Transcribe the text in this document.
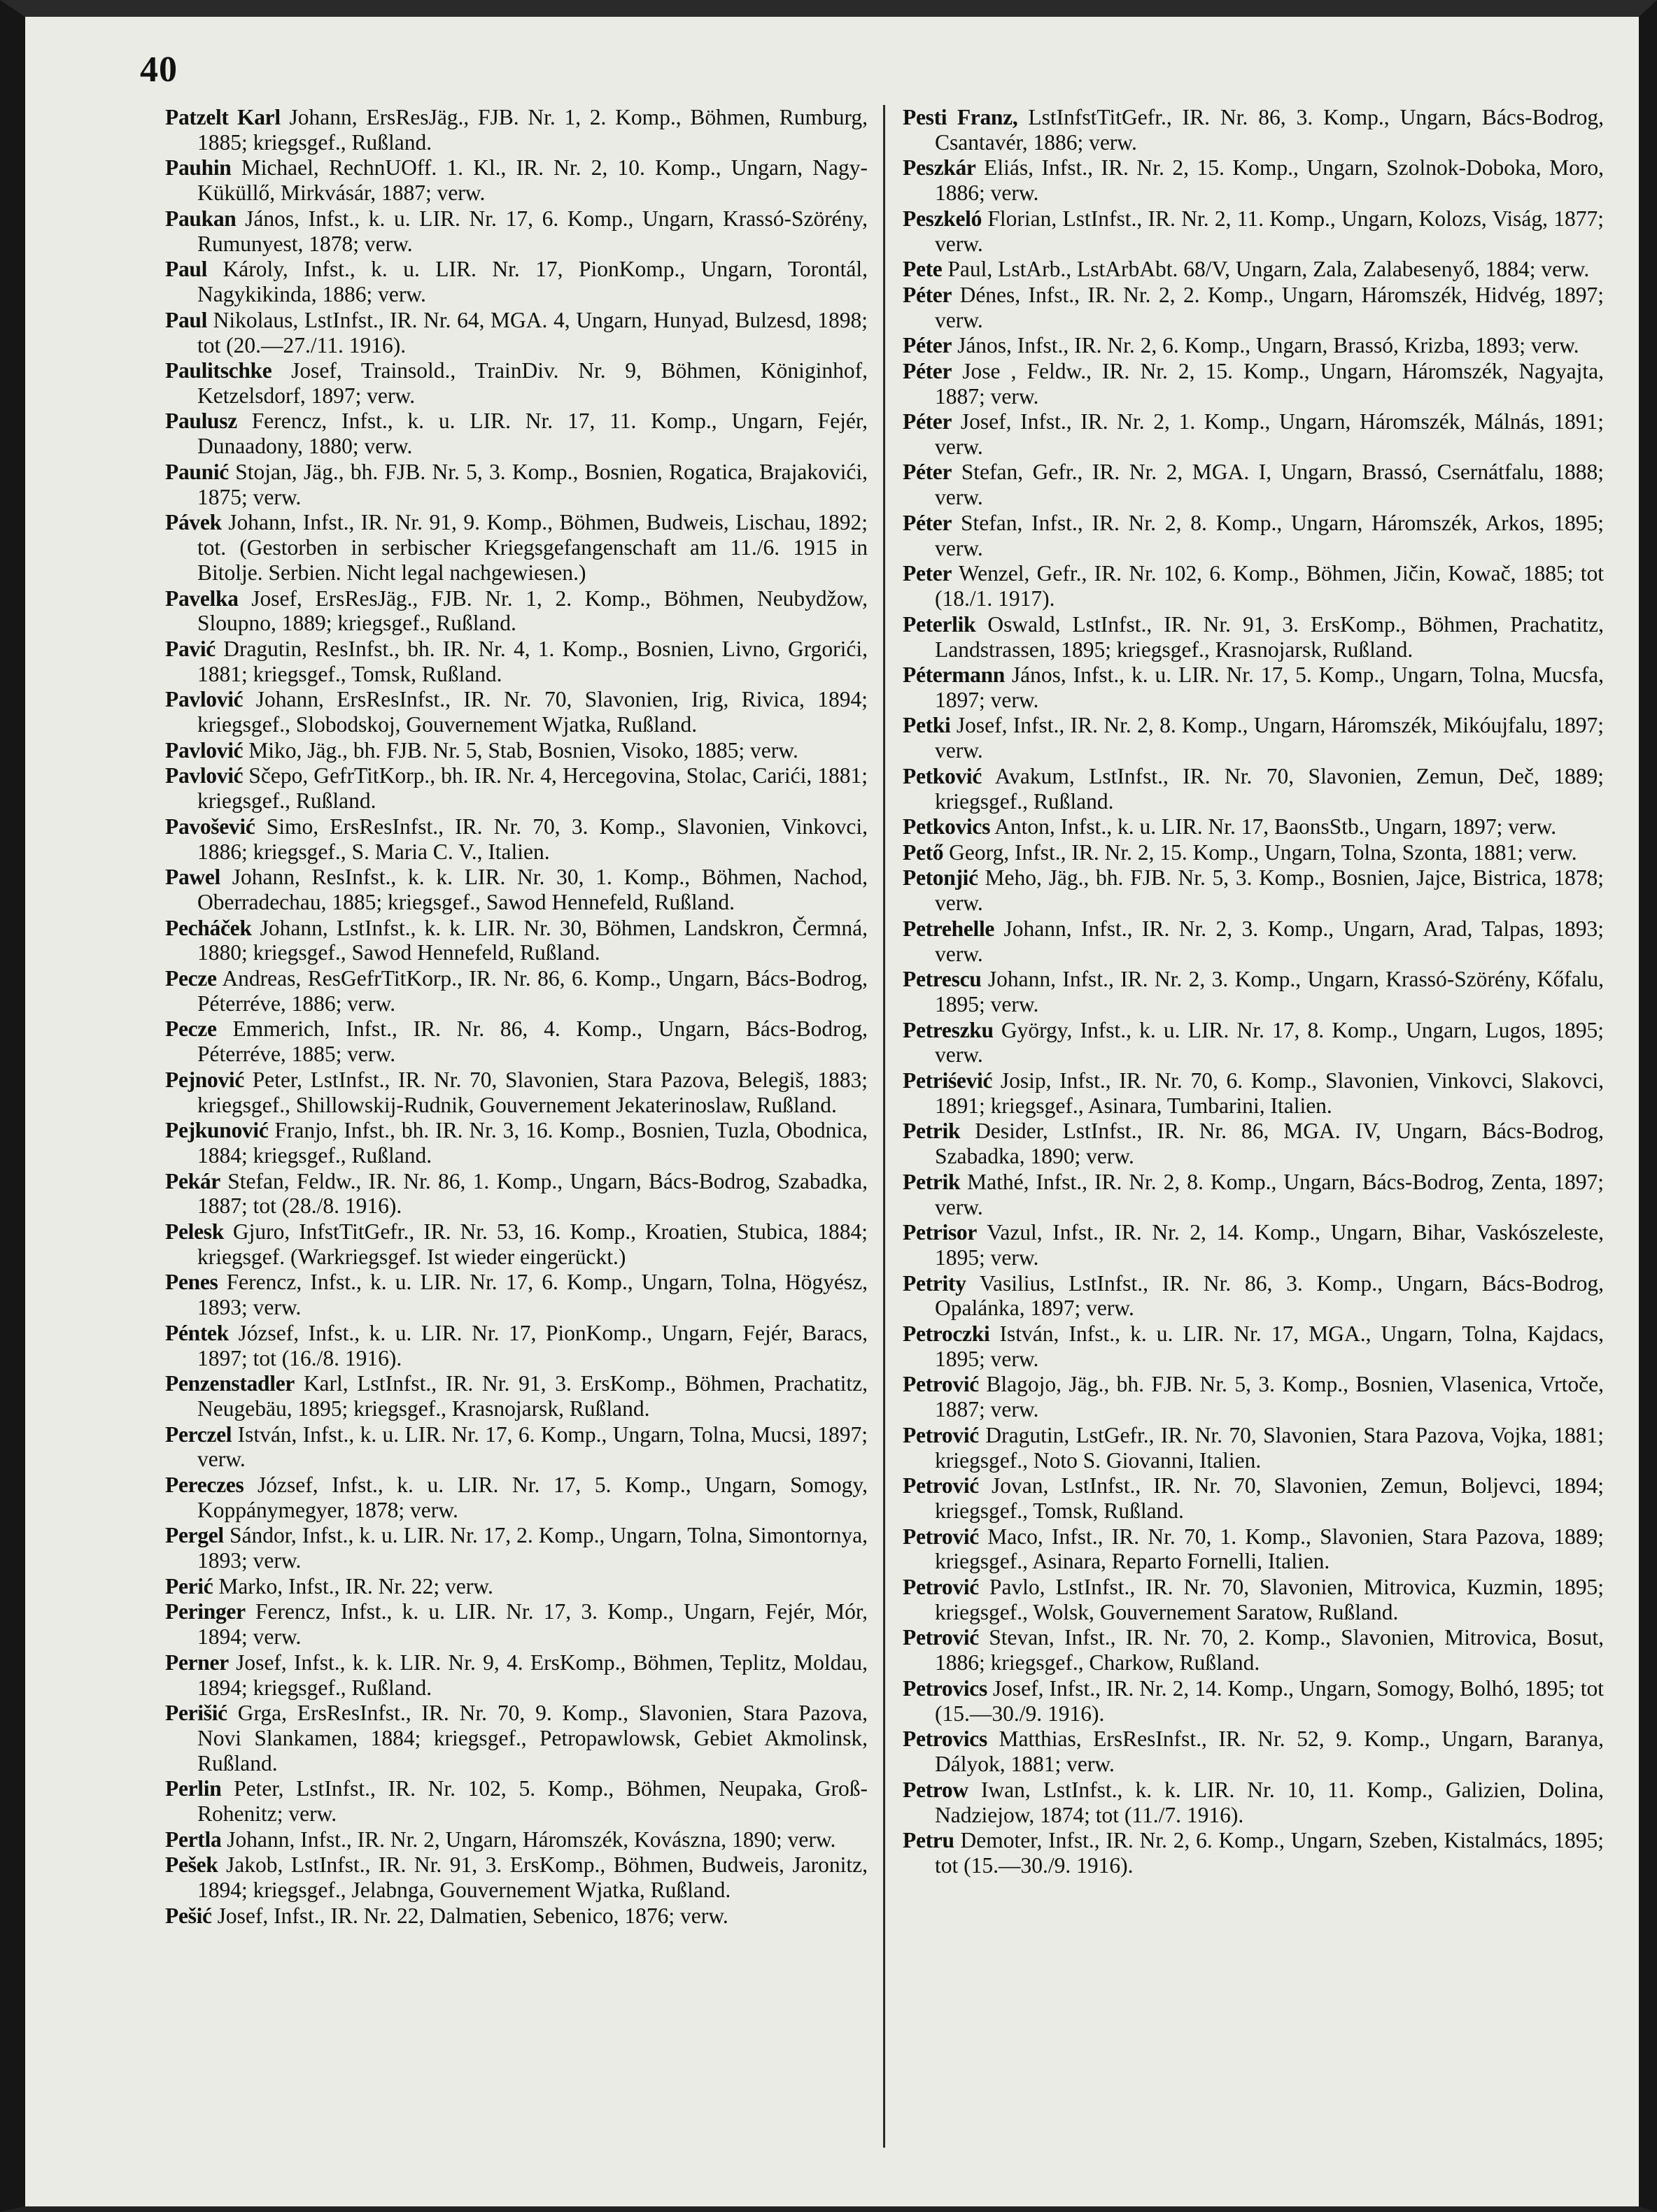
40

Patzelt Karl Johann, ErsResJäg., FJB. Nr. 1, 2. Komp., Böhmen, Rumburg, 1885; kriegsgef., Rußland.

Pauhin Michael, RechnUOff. 1. Kl., IR. Nr. 2, 10. Komp., Ungarn, Nagy-Küküllő, Mirkvásár, 1887; verw.

Paukan János, Infst., k. u. LIR. Nr. 17, 6. Komp., Ungarn, Krassó-Szörény, Rumunyest, 1878; verw.

Paul Károly, Infst., k. u. LIR. Nr. 17, PionKomp., Ungarn, Torontál, Nagykikinda, 1886; verw.

Paul Nikolaus, LstInfst., IR. Nr. 64, MGA. 4, Ungarn, Hunyad, Bulzesd, 1898; tot (20.—27./11. 1916).

Paulitschke Josef, Trainsold., TrainDiv. Nr. 9, Böhmen, Königinhof, Ketzelsdorf, 1897; verw.

Paulusz Ferencz, Infst., k. u. LIR. Nr. 17, 11. Komp., Ungarn, Fejér, Dunaadony, 1880; verw.

Paunić Stojan, Jäg., bh. FJB. Nr. 5, 3. Komp., Bosnien, Rogatica, Brajakovići, 1875; verw.

Pávek Johann, Infst., IR. Nr. 91, 9. Komp., Böhmen, Budweis, Lischau, 1892; tot. (Gestorben in serbischer Kriegsgefangenschaft am 11./6. 1915 in Bitolje. Serbien. Nicht legal nachgewiesen.)

Pavelka Josef, ErsResJäg., FJB. Nr. 1, 2. Komp., Böhmen, Neubydžow, Sloupno, 1889; kriegsgef., Rußland.

Pavić Dragutin, ResInfst., bh. IR. Nr. 4, 1. Komp., Bosnien, Livno, Grgorići, 1881; kriegsgef., Tomsk, Rußland.

Pavlović Johann, ErsResInfst., IR. Nr. 70, Slavonien, Irig, Rivica, 1894; kriegsgef., Slobodskoj, Gouvernement Wjatka, Rußland.

Pavlović Miko, Jäg., bh. FJB. Nr. 5, Stab, Bosnien, Visoko, 1885; verw.

Pavlović Sčepo, GefrTitKorp., bh. IR. Nr. 4, Hercegovina, Stolac, Carići, 1881; kriegsgef., Rußland.

Pavošević Simo, ErsResInfst., IR. Nr. 70, 3. Komp., Slavonien, Vinkovci, 1886; kriegsgef., S. Maria C. V., Italien.

Pawel Johann, ResInfst., k. k. LIR. Nr. 30, 1. Komp., Böhmen, Nachod, Oberradechau, 1885; kriegsgef., Sawod Hennefeld, Rußland.

Pecháček Johann, LstInfst., k. k. LIR. Nr. 30, Böhmen, Landskron, Čermná, 1880; kriegsgef., Sawod Hennefeld, Rußland.

Pecze Andreas, ResGefrTitKorp., IR. Nr. 86, 6. Komp., Ungarn, Bács-Bodrog, Péterréve, 1886; verw.

Pecze Emmerich, Infst., IR. Nr. 86, 4. Komp., Ungarn, Bács-Bodrog, Péterréve, 1885; verw.

Pejnović Peter, LstInfst., IR. Nr. 70, Slavonien, Stara Pazova, Belegiš, 1883; kriegsgef., Shillowskij-Rudnik, Gouvernement Jekaterinoslaw, Rußland.

Pejkunović Franjo, Infst., bh. IR. Nr. 3, 16. Komp., Bosnien, Tuzla, Obodnica, 1884; kriegsgef., Rußland.

Pekár Stefan, Feldw., IR. Nr. 86, 1. Komp., Ungarn, Bács-Bodrog, Szabadka, 1887; tot (28./8. 1916).

Pelesk Gjuro, InfstTitGefr., IR. Nr. 53, 16. Komp., Kroatien, Stubica, 1884; kriegsgef. (Warkriegsgef. Ist wieder eingerückt.)

Penes Ferencz, Infst., k. u. LIR. Nr. 17, 6. Komp., Ungarn, Tolna, Högyész, 1893; verw.

Péntek József, Infst., k. u. LIR. Nr. 17, PionKomp., Ungarn, Fejér, Baracs, 1897; tot (16./8. 1916).

Penzenstadler Karl, LstInfst., IR. Nr. 91, 3. ErsKomp., Böhmen, Prachatitz, Neugebäu, 1895; kriegsgef., Krasnojarsk, Rußland.

Perczel István, Infst., k. u. LIR. Nr. 17, 6. Komp., Ungarn, Tolna, Mucsi, 1897; verw.

Pereczes József, Infst., k. u. LIR. Nr. 17, 5. Komp., Ungarn, Somogy, Koppánymegyer, 1878; verw.

Pergel Sándor, Infst., k. u. LIR. Nr. 17, 2. Komp., Ungarn, Tolna, Simontornya, 1893; verw.

Perić Marko, Infst., IR. Nr. 22; verw.

Peringer Ferencz, Infst., k. u. LIR. Nr. 17, 3. Komp., Ungarn, Fejér, Mór, 1894; verw.

Perner Josef, Infst., k. k. LIR. Nr. 9, 4. ErsKomp., Böhmen, Teplitz, Moldau, 1894; kriegsgef., Rußland.

Perišić Grga, ErsResInfst., IR. Nr. 70, 9. Komp., Slavonien, Stara Pazova, Novi Slankamen, 1884; kriegsgef., Petropawlowsk, Gebiet Akmolinsk, Rußland.

Perlin Peter, LstInfst., IR. Nr. 102, 5. Komp., Böhmen, Neupaka, Groß-Rohenitz; verw.

Pertla Johann, Infst., IR. Nr. 2, Ungarn, Háromszék, Kovászna, 1890; verw.

Pešek Jakob, LstInfst., IR. Nr. 91, 3. ErsKomp., Böhmen, Budweis, Jaronitz, 1894; kriegsgef., Jelabnga, Gouvernement Wjatka, Rußland.

Pešić Josef, Infst., IR. Nr. 22, Dalmatien, Sebenico, 1876; verw.

Pesti Franz, LstInfstTitGefr., IR. Nr. 86, 3. Komp., Ungarn, Bács-Bodrog, Csantavér, 1886; verw.

Peszkár Eliás, Infst., IR. Nr. 2, 15. Komp., Ungarn, Szolnok-Doboka, Moro, 1886; verw.

Peszkeló Florian, LstInfst., IR. Nr. 2, 11. Komp., Ungarn, Kolozs, Viság, 1877; verw.

Pete Paul, LstArb., LstArbAbt. 68/V, Ungarn, Zala, Zalabesenyő, 1884; verw.

Péter Dénes, Infst., IR. Nr. 2, 2. Komp., Ungarn, Háromszék, Hidvég, 1897; verw.

Péter János, Infst., IR. Nr. 2, 6. Komp., Ungarn, Brassó, Krizba, 1893; verw.

Péter Jose , Feldw., IR. Nr. 2, 15. Komp., Ungarn, Háromszék, Nagyajta, 1887; verw.

Péter Josef, Infst., IR. Nr. 2, 1. Komp., Ungarn, Háromszék, Málnás, 1891; verw.

Péter Stefan, Gefr., IR. Nr. 2, MGA. I, Ungarn, Brassó, Csernátfalu, 1888; verw.

Péter Stefan, Infst., IR. Nr. 2, 8. Komp., Ungarn, Háromszék, Arkos, 1895; verw.

Peter Wenzel, Gefr., IR. Nr. 102, 6. Komp., Böhmen, Jičin, Kowač, 1885; tot (18./1. 1917).

Peterlik Oswald, LstInfst., IR. Nr. 91, 3. ErsKomp., Böhmen, Prachatitz, Landstrassen, 1895; kriegsgef., Krasnojarsk, Rußland.

Pétermann János, Infst., k. u. LIR. Nr. 17, 5. Komp., Ungarn, Tolna, Mucsfa, 1897; verw.

Petki Josef, Infst., IR. Nr. 2, 8. Komp., Ungarn, Háromszék, Mikóujfalu, 1897; verw.

Petković Avakum, LstInfst., IR. Nr. 70, Slavonien, Zemun, Deč, 1889; kriegsgef., Rußland.

Petkovics Anton, Infst., k. u. LIR. Nr. 17, BaonsStb., Ungarn, 1897; verw.

Pető Georg, Infst., IR. Nr. 2, 15. Komp., Ungarn, Tolna, Szonta, 1881; verw.

Petonjić Meho, Jäg., bh. FJB. Nr. 5, 3. Komp., Bosnien, Jajce, Bistrica, 1878; verw.

Petrehelle Johann, Infst., IR. Nr. 2, 3. Komp., Ungarn, Arad, Talpas, 1893; verw.

Petrescu Johann, Infst., IR. Nr. 2, 3. Komp., Ungarn, Krassó-Szörény, Kőfalu, 1895; verw.

Petreszku György, Infst., k. u. LIR. Nr. 17, 8. Komp., Ungarn, Lugos, 1895; verw.

Petriśević Josip, Infst., IR. Nr. 70, 6. Komp., Slavonien, Vinkovci, Slakovci, 1891; kriegsgef., Asinara, Tumbarini, Italien.

Petrik Desider, LstInfst., IR. Nr. 86, MGA. IV, Ungarn, Bács-Bodrog, Szabadka, 1890; verw.

Petrik Mathé, Infst., IR. Nr. 2, 8. Komp., Ungarn, Bács-Bodrog, Zenta, 1897; verw.

Petrisor Vazul, Infst., IR. Nr. 2, 14. Komp., Ungarn, Bihar, Vaskószeleste, 1895; verw.

Petrity Vasilius, LstInfst., IR. Nr. 86, 3. Komp., Ungarn, Bács-Bodrog, Opalánka, 1897; verw.

Petroczki István, Infst., k. u. LIR. Nr. 17, MGA., Ungarn, Tolna, Kajdacs, 1895; verw.

Petrović Blagojo, Jäg., bh. FJB. Nr. 5, 3. Komp., Bosnien, Vlasenica, Vrtoče, 1887; verw.

Petrović Dragutin, LstGefr., IR. Nr. 70, Slavonien, Stara Pazova, Vojka, 1881; kriegsgef., Noto S. Giovanni, Italien.

Petrović Jovan, LstInfst., IR. Nr. 70, Slavonien, Zemun, Boljevci, 1894; kriegsgef., Tomsk, Rußland.

Petrović Maco, Infst., IR. Nr. 70, 1. Komp., Slavonien, Stara Pazova, 1889; kriegsgef., Asinara, Reparto Fornelli, Italien.

Petrović Pavlo, LstInfst., IR. Nr. 70, Slavonien, Mitrovica, Kuzmin, 1895; kriegsgef., Wolsk, Gouvernement Saratow, Rußland.

Petrović Stevan, Infst., IR. Nr. 70, 2. Komp., Slavonien, Mitrovica, Bosut, 1886; kriegsgef., Charkow, Rußland.

Petrovics Josef, Infst., IR. Nr. 2, 14. Komp., Ungarn, Somogy, Bolhó, 1895; tot (15.—30./9. 1916).

Petrovics Matthias, ErsResInfst., IR. Nr. 52, 9. Komp., Ungarn, Baranya, Dályok, 1881; verw.

Petrow Iwan, LstInfst., k. k. LIR. Nr. 10, 11. Komp., Galizien, Dolina, Nadziejow, 1874; tot (11./7. 1916).

Petru Demoter, Infst., IR. Nr. 2, 6. Komp., Ungarn, Szeben, Kistalmács, 1895; tot (15.—30./9. 1916).
